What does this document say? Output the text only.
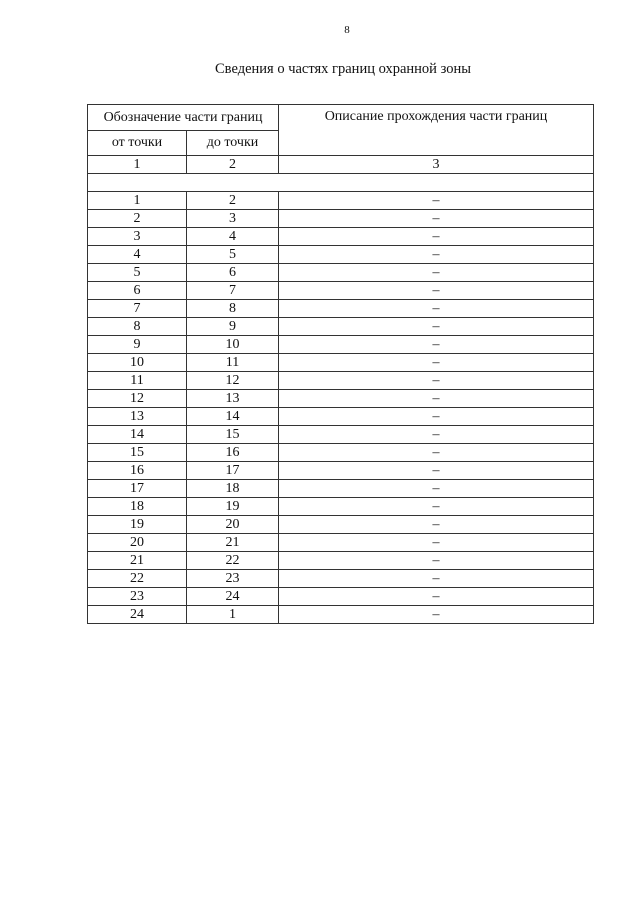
8
Сведения о частях границ охранной зоны
Обозначение части границ		Описание прохождения части границ
от точки	до точки	
1	2	3

1	2	–
2	3	–
3	4	–
4	5	–
5	6	–
6	7	–
7	8	–
8	9	–
9	10	–
10	11	–
11	12	–
12	13	–
13	14	–
14	15	–
15	16	–
16	17	–
17	18	–
18	19	–
19	20	–
20	21	–
21	22	–
22	23	–
23	24	–
24	1	–
